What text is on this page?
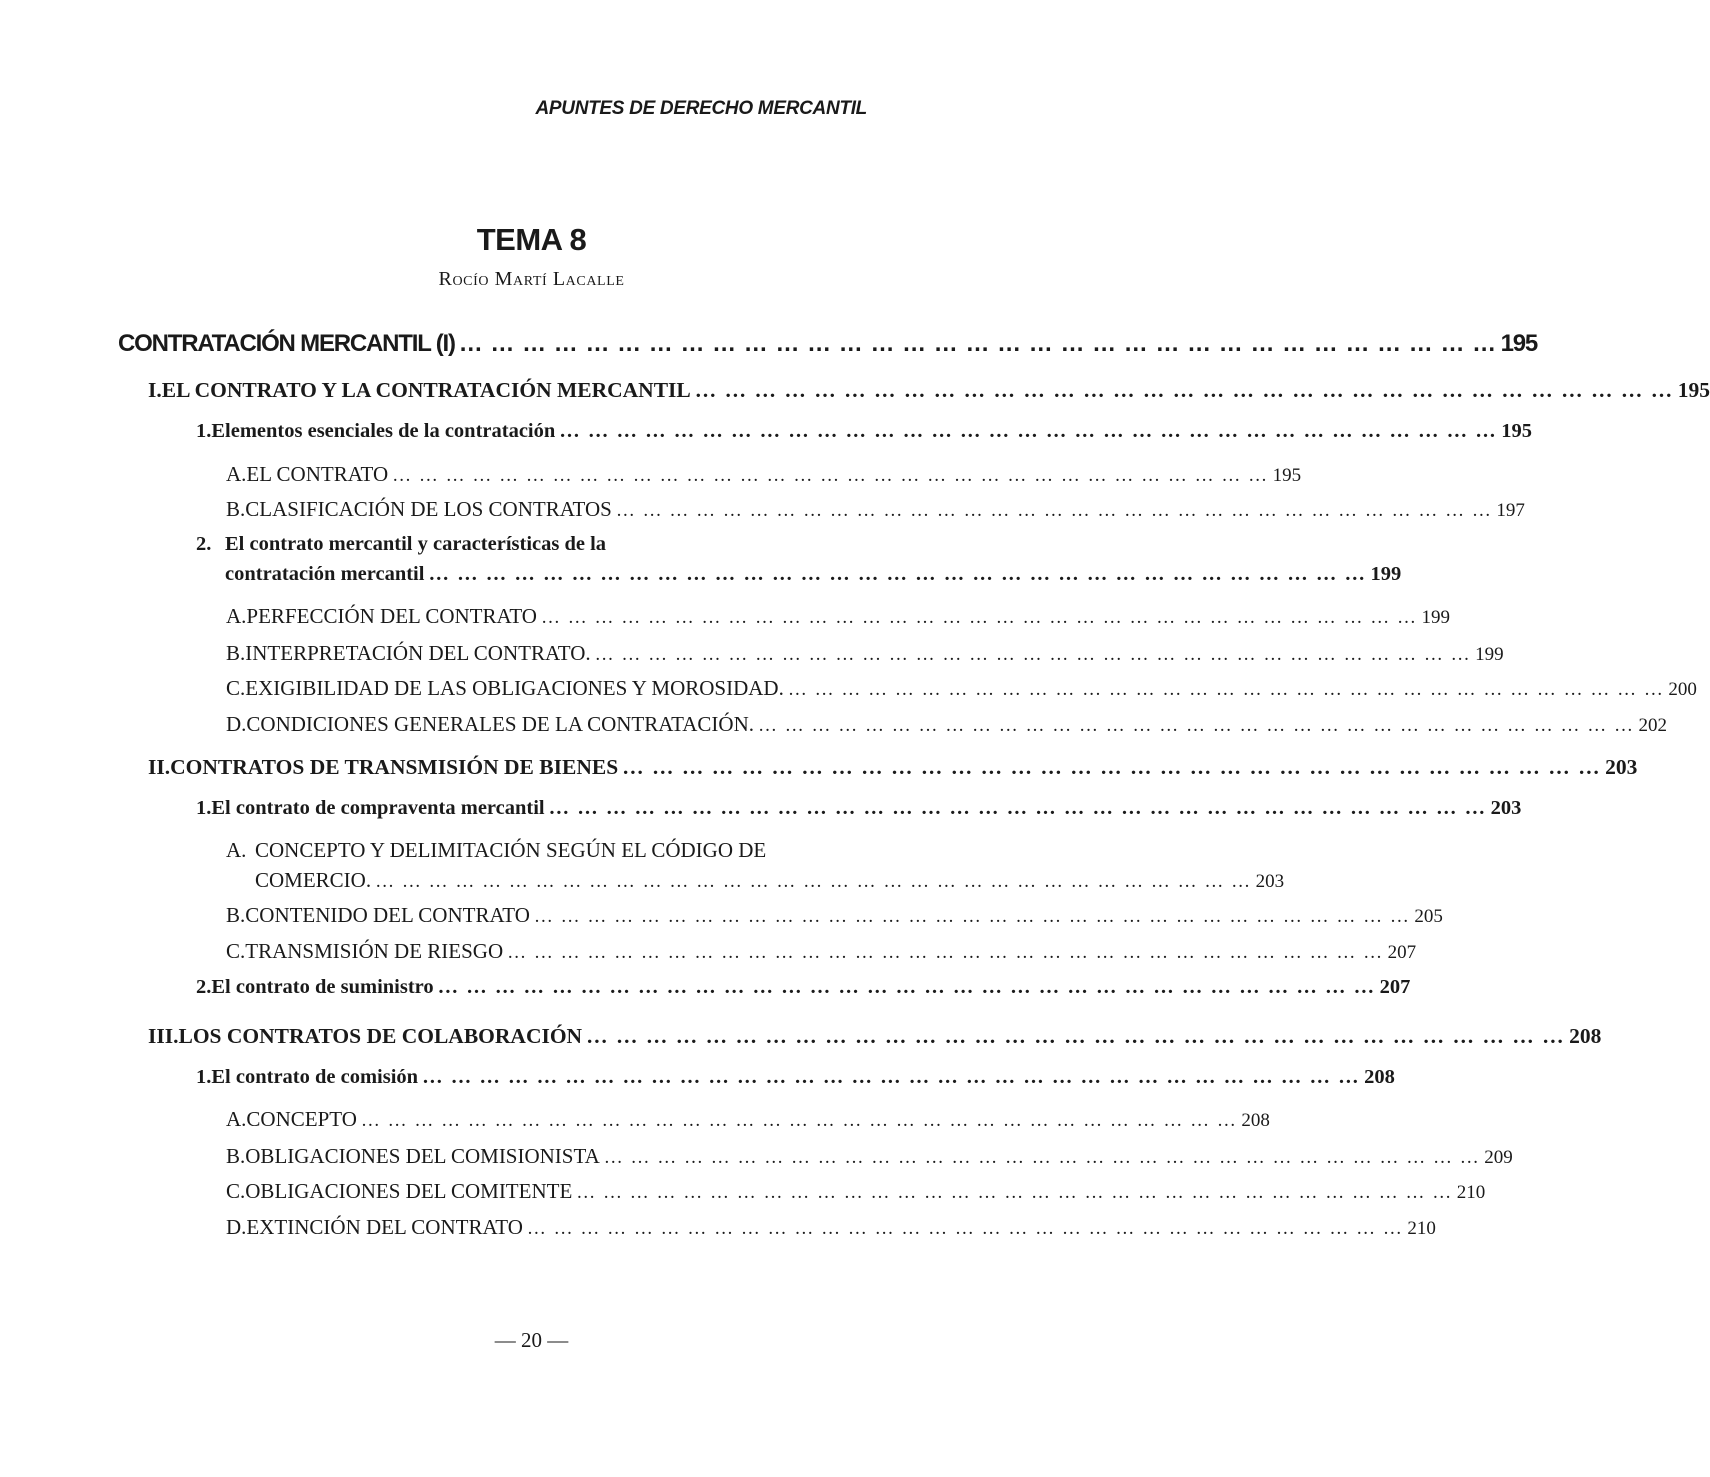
APUNTES DE DERECHO MERCANTIL
TEMA 8
Rocío Martí Lacalle
CONTRATACIÓN MERCANTIL (I) … … … … … … … … … … … … … … … … … … … … … … … … … … … … … … … … … 195
I. EL CONTRATO Y LA CONTRATACIÓN MERCANTIL … … … … … … … … … … … … … … … … … … … … … … … … … … … … … … … … … 195
1. Elementos esenciales de la contratación … … … … … … … … … … … … … … … … … … … … … … … … … … … … … … … … … 195
A. EL CONTRATO … … … … … … … … … … … … … … … … … … … … … … … … … … … … … … … … … 195
B. CLASIFICACIÓN DE LOS CONTRATOS … … … … … … … … … … … … … … … … … … … … … … … … … … … … … … … … … 197
contratación mercantil … … … … … … … … … … … … … … … … … … … … … … … … … … … … … … … … … 199
2. El contrato mercantil y características de la
A. PERFECCIÓN DEL CONTRATO … … … … … … … … … … … … … … … … … … … … … … … … … … … … … … … … … 199
B. INTERPRETACIÓN DEL CONTRATO. … … … … … … … … … … … … … … … … … … … … … … … … … … … … … … … … … 199
C. EXIGIBILIDAD DE LAS OBLIGACIONES Y MOROSIDAD. … … … … … … … … … … … … … … … … … … … … … … … … … … … … … … … … … 200
D. CONDICIONES GENERALES DE LA CONTRATACIÓN. … … … … … … … … … … … … … … … … … … … … … … … … … … … … … … … … … 202
II. CONTRATOS DE TRANSMISIÓN DE BIENES … … … … … … … … … … … … … … … … … … … … … … … … … … … … … … … … … 203
1. El contrato de compraventa mercantil … … … … … … … … … … … … … … … … … … … … … … … … … … … … … … … … … 203
COMERCIO. … … … … … … … … … … … … … … … … … … … … … … … … … … … … … … … … … 203
A. CONCEPTO Y DELIMITACIÓN SEGÚN EL CÓDIGO DE
B. CONTENIDO DEL CONTRATO … … … … … … … … … … … … … … … … … … … … … … … … … … … … … … … … … 205
C. TRANSMISIÓN DE RIESGO … … … … … … … … … … … … … … … … … … … … … … … … … … … … … … … … … 207
2. El contrato de suministro … … … … … … … … … … … … … … … … … … … … … … … … … … … … … … … … … 207
III. LOS CONTRATOS DE COLABORACIÓN … … … … … … … … … … … … … … … … … … … … … … … … … … … … … … … … … 208
1. El contrato de comisión … … … … … … … … … … … … … … … … … … … … … … … … … … … … … … … … … 208
A. CONCEPTO … … … … … … … … … … … … … … … … … … … … … … … … … … … … … … … … … 208
B. OBLIGACIONES DEL COMISIONISTA … … … … … … … … … … … … … … … … … … … … … … … … … … … … … … … … … 209
C. OBLIGACIONES DEL COMITENTE … … … … … … … … … … … … … … … … … … … … … … … … … … … … … … … … … 210
D. EXTINCIÓN DEL CONTRATO … … … … … … … … … … … … … … … … … … … … … … … … … … … … … … … … … 210
— 20 —
